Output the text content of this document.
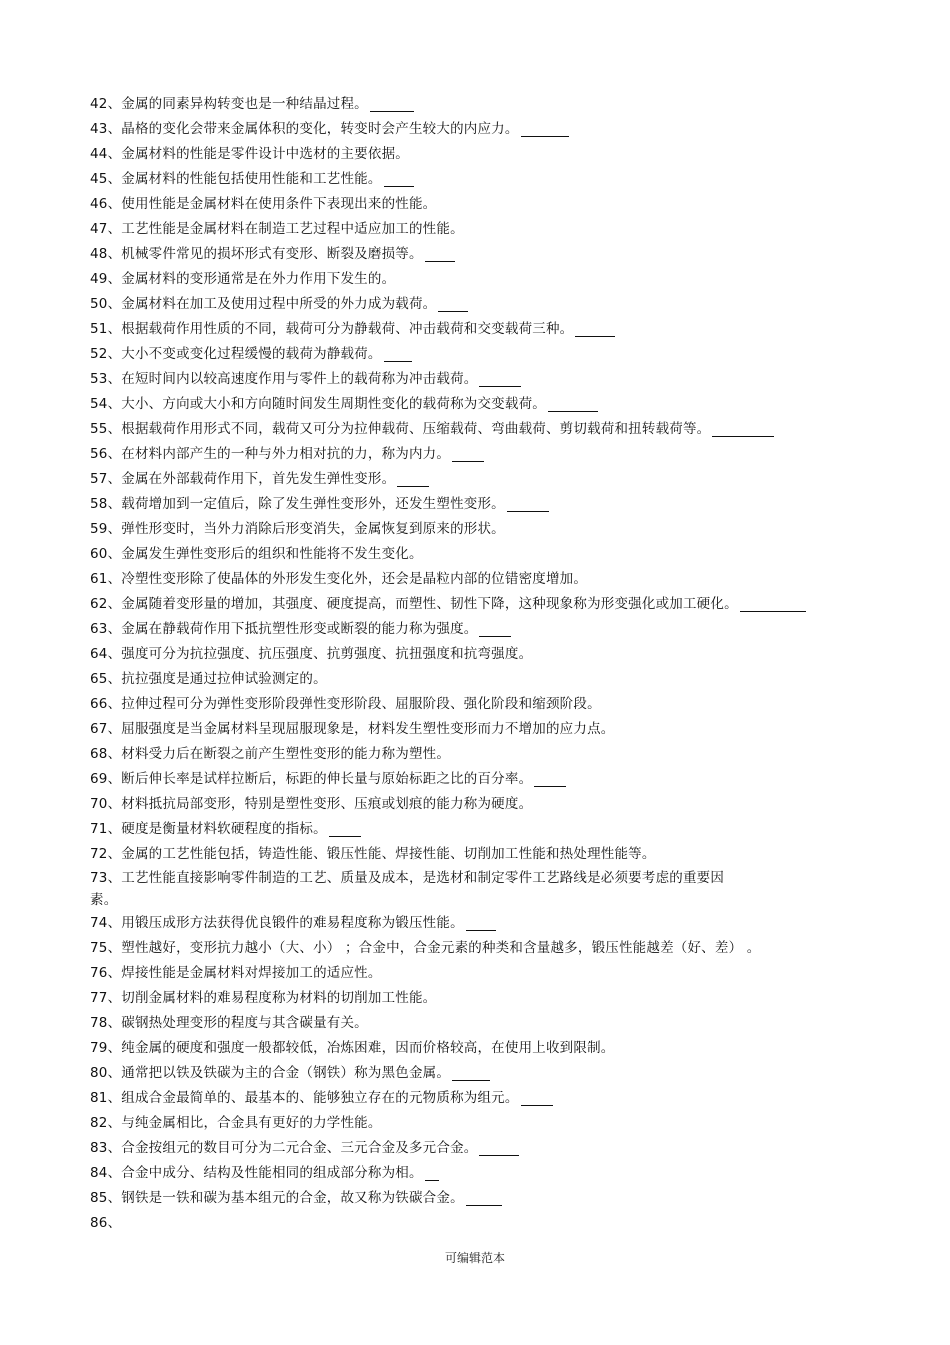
42、金属的同素异构转变也是一种结晶过程。
43、晶格的变化会带来金属体积的变化，转变时会产生较大的内应力。
44、金属材料的性能是零件设计中选材的主要依据。
45、金属材料的性能包括使用性能和工艺性能。
46、使用性能是金属材料在使用条件下表现出来的性能。
47、工艺性能是金属材料在制造工艺过程中适应加工的性能。
48、机械零件常见的损坏形式有变形、断裂及磨损等。
49、金属材料的变形通常是在外力作用下发生的。
50、金属材料在加工及使用过程中所受的外力成为载荷。
51、根据载荷作用性质的不同，载荷可分为静载荷、冲击载荷和交变载荷三种。
52、大小不变或变化过程缓慢的载荷为静载荷。
53、在短时间内以较高速度作用与零件上的载荷称为冲击载荷。
54、大小、方向或大小和方向随时间发生周期性变化的载荷称为交变载荷。
55、根据载荷作用形式不同，载荷又可分为拉伸载荷、压缩载荷、弯曲载荷、剪切载荷和扭转载荷等。
56、在材料内部产生的一种与外力相对抗的力，称为内力。
57、金属在外部载荷作用下，首先发生弹性变形。
58、载荷增加到一定值后，除了发生弹性变形外，还发生塑性变形。
59、弹性形变时，当外力消除后形变消失，金属恢复到原来的形状。
60、金属发生弹性变形后的组织和性能将不发生变化。
61、冷塑性变形除了使晶体的外形发生变化外，还会是晶粒内部的位错密度增加。
62、金属随着变形量的增加，其强度、硬度提高，而塑性、韧性下降，这种现象称为形变强化或加工硬化。
63、金属在静载荷作用下抵抗塑性形变或断裂的能力称为强度。
64、强度可分为抗拉强度、抗压强度、抗剪强度、抗扭强度和抗弯强度。
65、抗拉强度是通过拉伸试验测定的。
66、拉伸过程可分为弹性变形阶段弹性变形阶段、屈服阶段、强化阶段和缩颈阶段。
67、屈服强度是当金属材料呈现屈服现象是，材料发生塑性变形而力不增加的应力点。
68、材料受力后在断裂之前产生塑性变形的能力称为塑性。
69、断后伸长率是试样拉断后，标距的伸长量与原始标距之比的百分率。
70、材料抵抗局部变形，特别是塑性变形、压痕或划痕的能力称为硬度。
71、硬度是衡量材料软硬程度的指标。
72、金属的工艺性能包括，铸造性能、锻压性能、焊接性能、切削加工性能和热处理性能等。
73、工艺性能直接影响零件制造的工艺、质量及成本，是选材和制定零件工艺路线是必须要考虑的重要因
素。
74、用锻压成形方法获得优良锻件的难易程度称为锻压性能。
75、塑性越好，变形抗力越小（大、小） ；合金中，合金元素的种类和含量越多，锻压性能越差（好、差） 。
76、焊接性能是金属材料对焊接加工的适应性。
77、切削金属材料的难易程度称为材料的切削加工性能。
78、碳钢热处理变形的程度与其含碳量有关。
79、纯金属的硬度和强度一般都较低，冶炼困难，因而价格较高，在使用上收到限制。
80、通常把以铁及铁碳为主的合金（钢铁）称为黑色金属。
81、组成合金最简单的、最基本的、能够独立存在的元物质称为组元。
82、与纯金属相比，合金具有更好的力学性能。
83、合金按组元的数目可分为二元合金、三元合金及多元合金。
84、合金中成分、结构及性能相同的组成部分称为相。
85、钢铁是一铁和碳为基本组元的合金，故又称为铁碳合金。
86、
可编辑范本
